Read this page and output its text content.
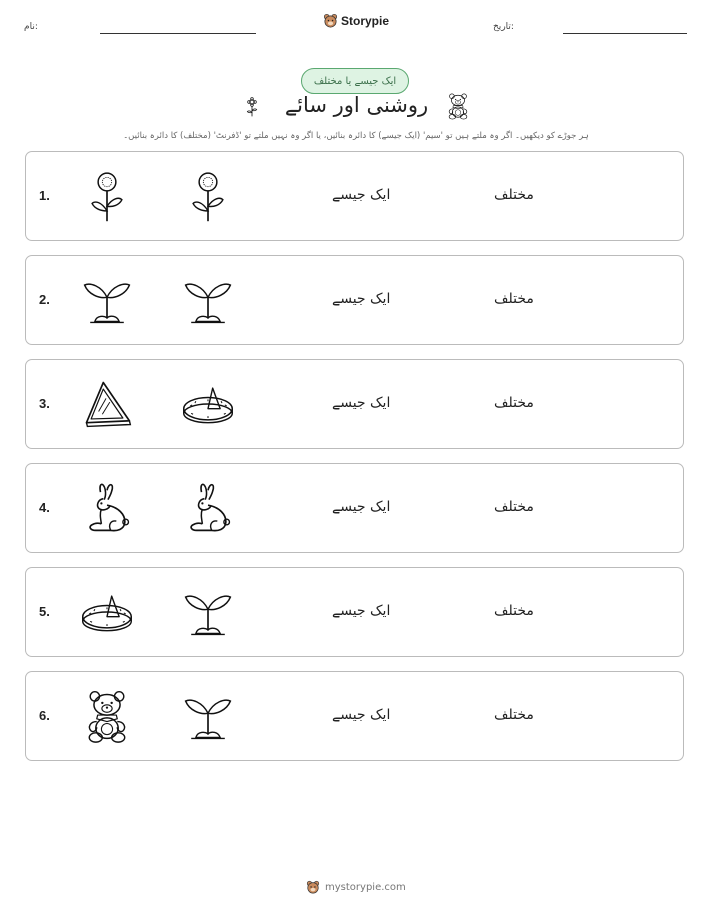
نام:	Storypie	تاریخ:
ایک جیسے یا مختلف
روشنی اور سائے
ہر جوڑے کو دیکھیں۔ اگر وہ ملتے ہیں تو 'سیم' (ایک جیسے) کا دائرہ بنائیں، یا اگر وہ نہیں ملتے تو 'ڈفرنٹ' (مختلف) کا دائرہ بنائیں۔
1.	ایک جیسے	مختلف
2.	ایک جیسے	مختلف
3.	ایک جیسے	مختلف
4.	ایک جیسے	مختلف
5.	ایک جیسے	مختلف
6.	ایک جیسے	مختلف
mystorypie.com
